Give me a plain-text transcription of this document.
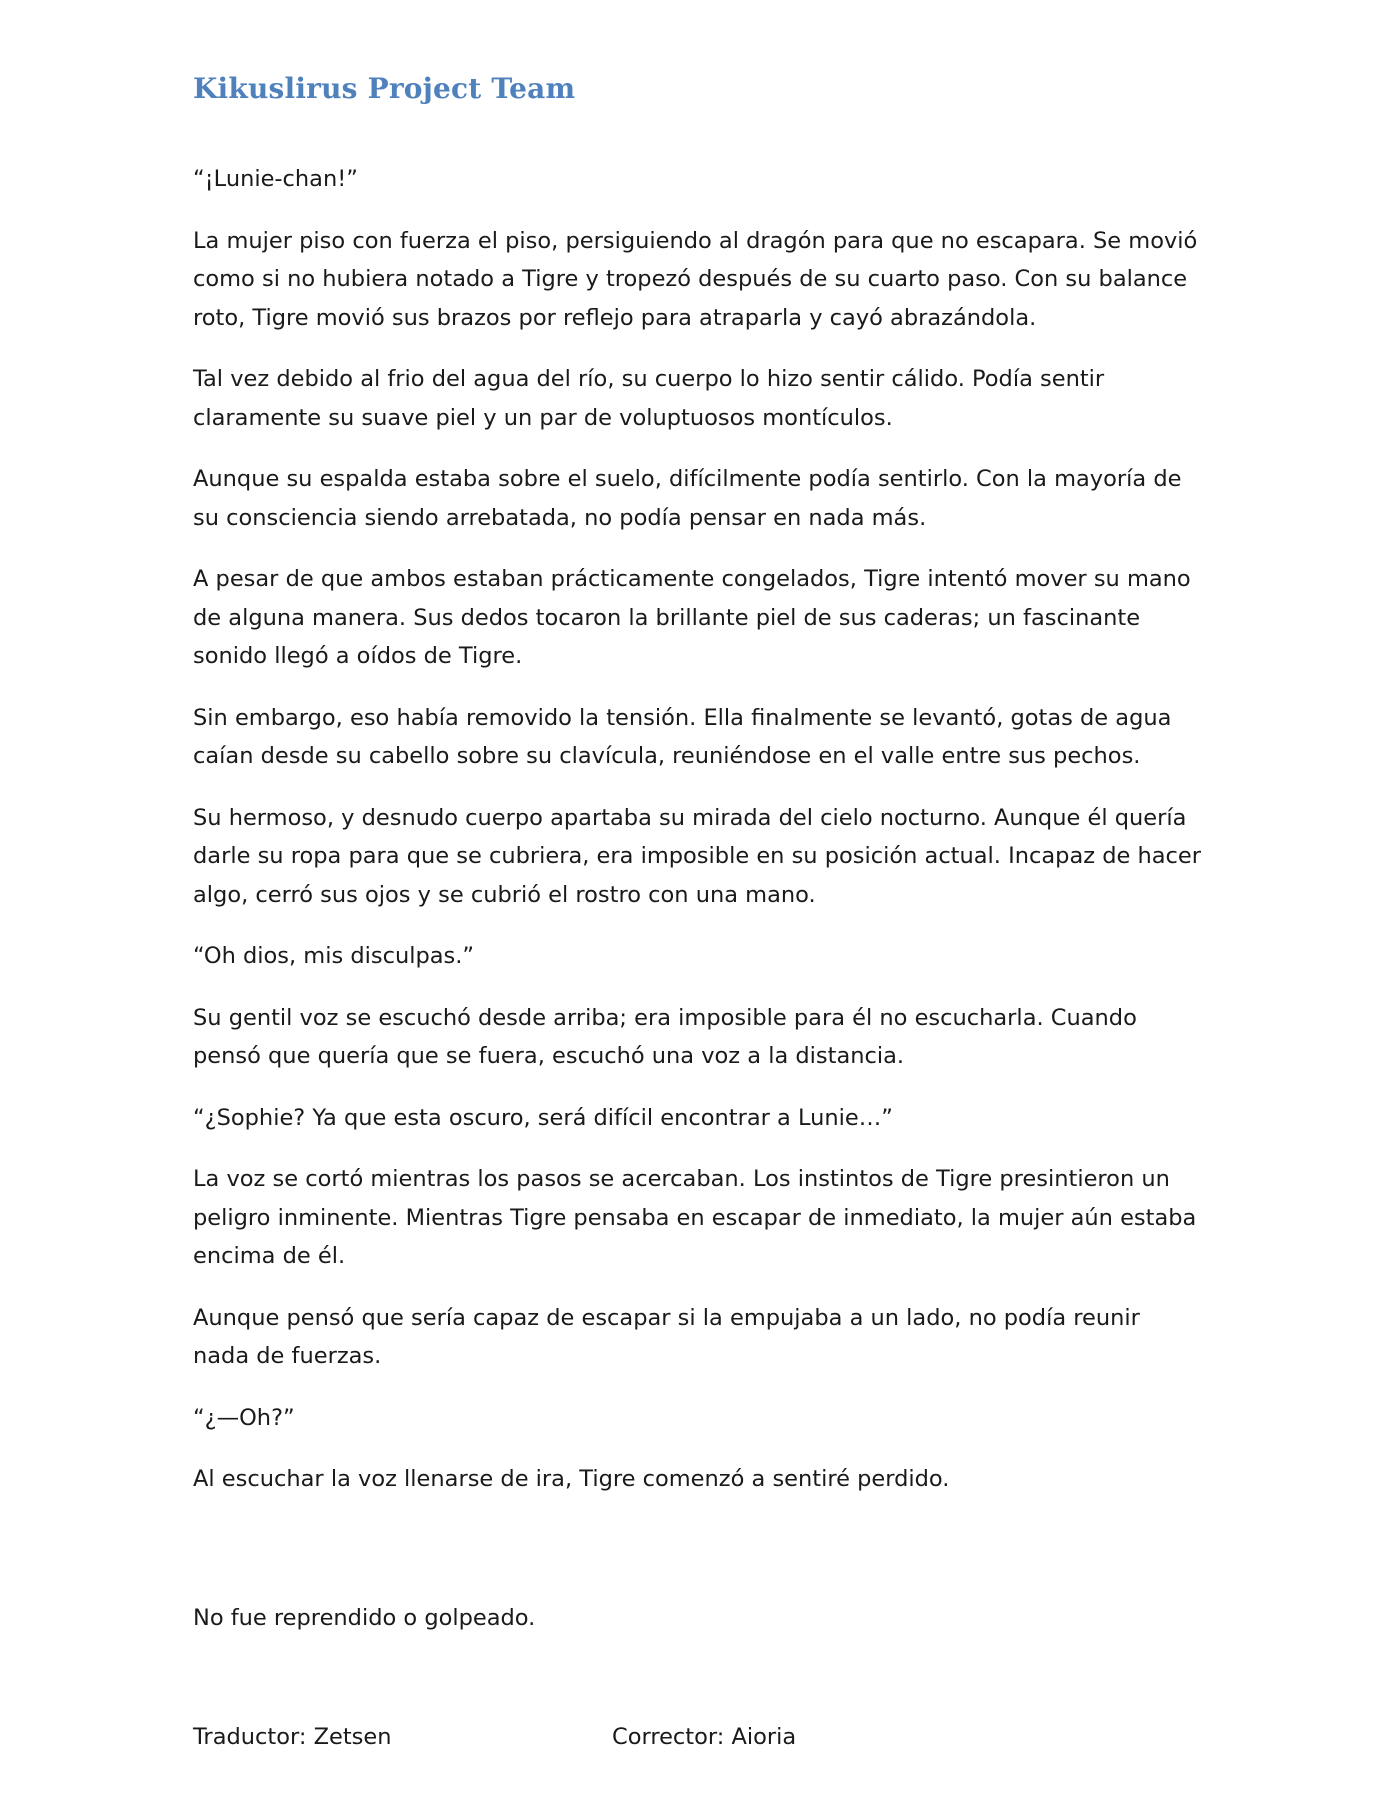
Kikuslirus Project Team

“¡Lunie-chan!”

La mujer piso con fuerza el piso, persiguiendo al dragón para que no escapara. Se movió como si no hubiera notado a Tigre y tropezó después de su cuarto paso. Con su balance roto, Tigre movió sus brazos por reflejo para atraparla y cayó abrazándola.

Tal vez debido al frio del agua del río, su cuerpo lo hizo sentir cálido. Podía sentir claramente su suave piel y un par de voluptuosos montículos.

Aunque su espalda estaba sobre el suelo, difícilmente podía sentirlo. Con la mayoría de su consciencia siendo arrebatada, no podía pensar en nada más.

A pesar de que ambos estaban prácticamente congelados, Tigre intentó mover su mano de alguna manera. Sus dedos tocaron la brillante piel de sus caderas; un fascinante sonido llegó a oídos de Tigre.

Sin embargo, eso había removido la tensión. Ella finalmente se levantó, gotas de agua caían desde su cabello sobre su clavícula, reuniéndose en el valle entre sus pechos.

Su hermoso, y desnudo cuerpo apartaba su mirada del cielo nocturno. Aunque él quería darle su ropa para que se cubriera, era imposible en su posición actual. Incapaz de hacer algo, cerró sus ojos y se cubrió el rostro con una mano.

“Oh dios, mis disculpas.”

Su gentil voz se escuchó desde arriba; era imposible para él no escucharla. Cuando pensó que quería que se fuera, escuchó una voz a la distancia.

“¿Sophie? Ya que esta oscuro, será difícil encontrar a Lunie…”

La voz se cortó mientras los pasos se acercaban. Los instintos de Tigre presintieron un peligro inminente. Mientras Tigre pensaba en escapar de inmediato, la mujer aún estaba encima de él.

Aunque pensó que sería capaz de escapar si la empujaba a un lado, no podía reunir nada de fuerzas.

“¿—Oh?”

Al escuchar la voz llenarse de ira, Tigre comenzó a sentiré perdido.

No fue reprendido o golpeado.

Traductor: Zetsen	Corrector: Aioria
